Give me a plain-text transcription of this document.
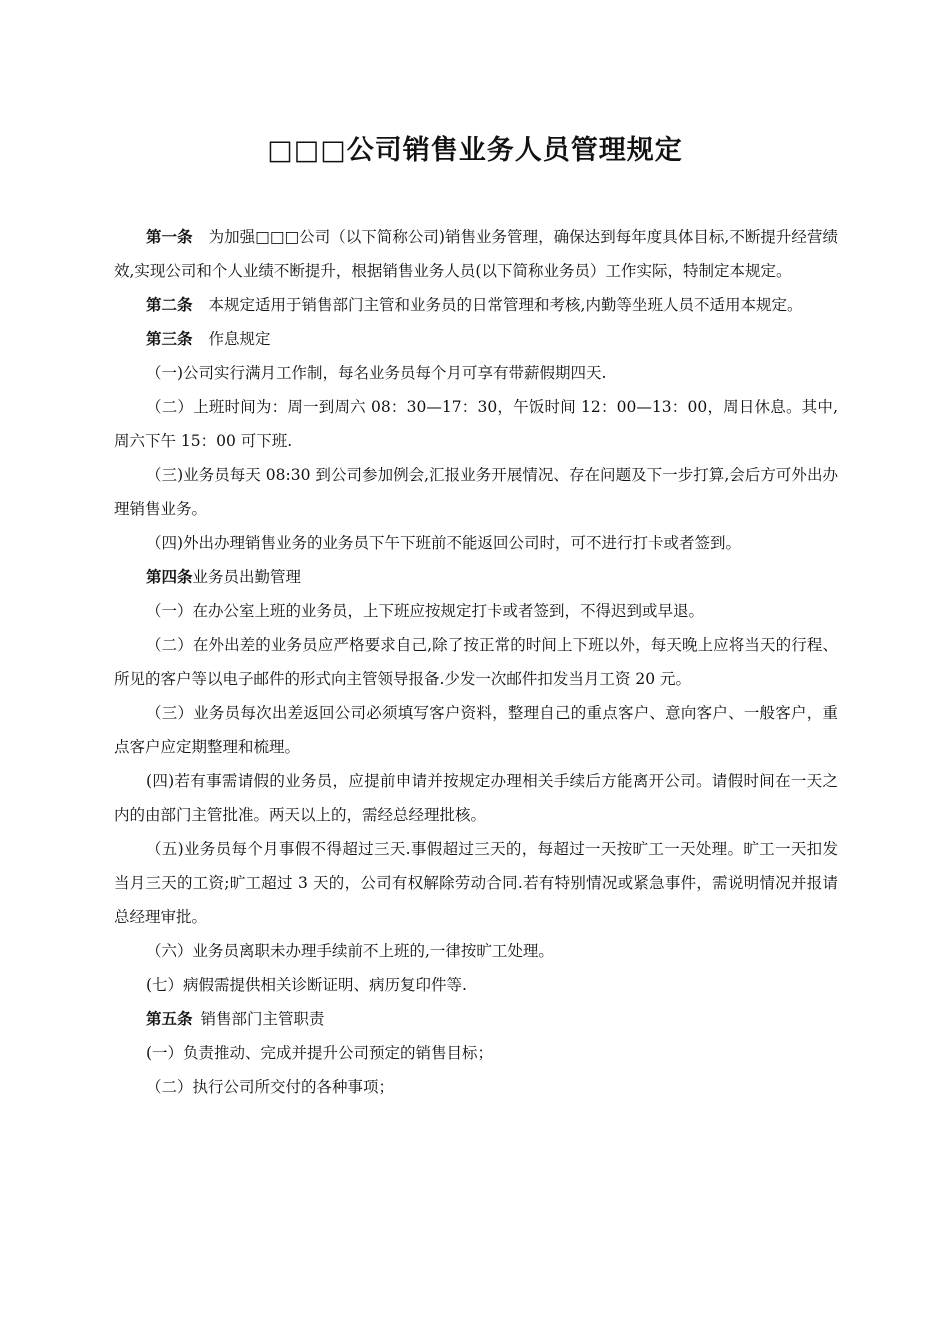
□□□公司销售业务人员管理规定

第一条 为加强□□□公司（以下简称公司)销售业务管理，确保达到每年度具体目标,不断提升经营绩效,实现公司和个人业绩不断提升，根据销售业务人员(以下简称业务员）工作实际，特制定本规定。

第二条 本规定适用于销售部门主管和业务员的日常管理和考核,内勤等坐班人员不适用本规定。

第三条 作息规定

（一)公司实行满月工作制，每名业务员每个月可享有带薪假期四天.

（二）上班时间为：周一到周六 08：30—17：30，午饭时间 12：00—13：00，周日休息。其中,周六下午 15：00 可下班.

（三)业务员每天 08:30 到公司参加例会,汇报业务开展情况、存在问题及下一步打算,会后方可外出办理销售业务。

（四)外出办理销售业务的业务员下午下班前不能返回公司时，可不进行打卡或者签到。

第四条业务员出勤管理

（一）在办公室上班的业务员，上下班应按规定打卡或者签到，不得迟到或早退。

（二）在外出差的业务员应严格要求自己,除了按正常的时间上下班以外，每天晚上应将当天的行程、所见的客户等以电子邮件的形式向主管领导报备.少发一次邮件扣发当月工资 20 元。

（三）业务员每次出差返回公司必须填写客户资料，整理自己的重点客户、意向客户、一般客户，重点客户应定期整理和梳理。

(四)若有事需请假的业务员，应提前申请并按规定办理相关手续后方能离开公司。请假时间在一天之内的由部门主管批准。两天以上的，需经总经理批核。

（五)业务员每个月事假不得超过三天.事假超过三天的，每超过一天按旷工一天处理。旷工一天扣发当月三天的工资;旷工超过 3 天的，公司有权解除劳动合同.若有特别情况或紧急事件，需说明情况并报请总经理审批。

（六）业务员离职未办理手续前不上班的,一律按旷工处理。

(七）病假需提供相关诊断证明、病历复印件等.

第五条 销售部门主管职责

(一）负责推动、完成并提升公司预定的销售目标；

（二）执行公司所交付的各种事项；
